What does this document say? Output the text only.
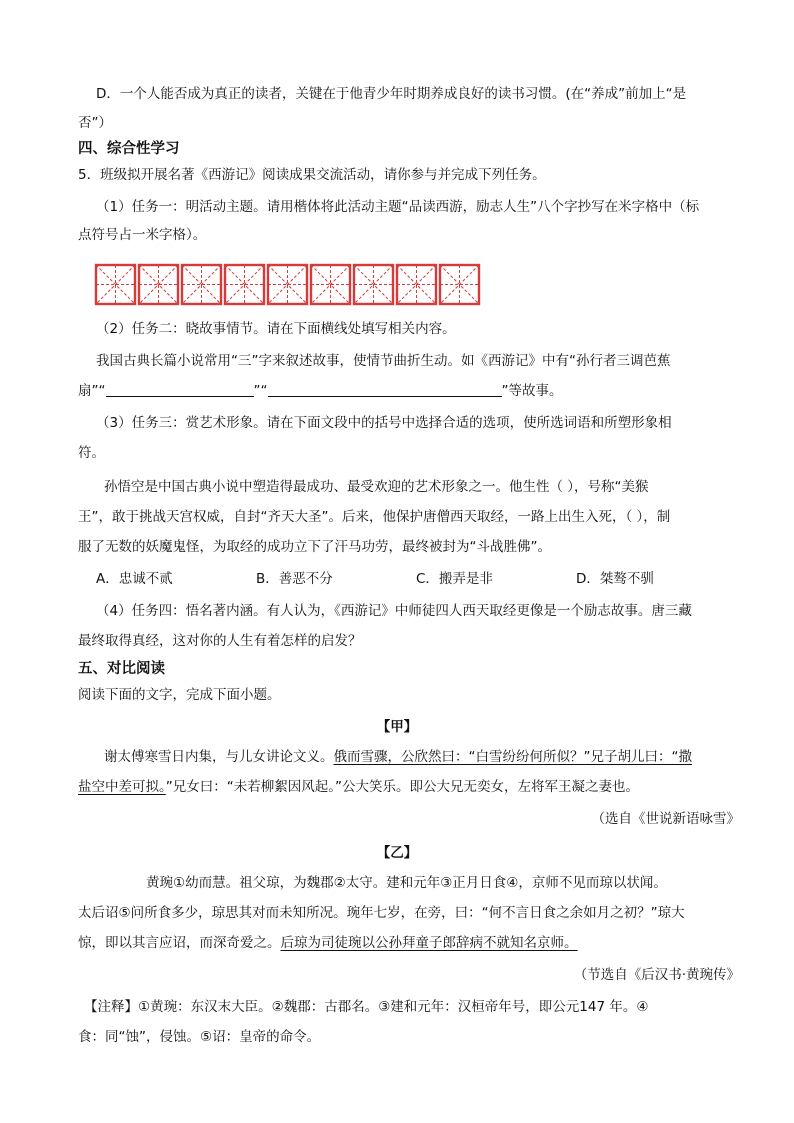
D．一个人能否成为真正的读者，关键在于他青少年时期养成良好的读书习惯。(在“养成”前加上“是
否”）
四、综合性学习
5．班级拟开展名著《西游记》阅读成果交流活动，请你参与并完成下列任务。
（1）任务一：明活动主题。请用楷体将此活动主题“品读西游，励志人生”八个字抄写在米字格中（标
点符号占一米字格）。
（2）任务二：晓故事情节。请在下面横线处填写相关内容。
我国古典长篇小说常用“三”字来叙述故事，使情节曲折生动。如《西游记》中有“孙行者三调芭蕉
扇”“	”“	”等故事。
（3）任务三：赏艺术形象。请在下面文段中的括号中选择合适的选项，使所选词语和所塑形象相
符。
孙悟空是中国古典小说中塑造得最成功、最受欢迎的艺术形象之一。他生性（ ），号称“美猴
王”，敢于挑战天宫权威，自封“齐天大圣”。后来，他保护唐僧西天取经，一路上出生入死，（ ），制
服了无数的妖魔鬼怪，为取经的成功立下了汗马功劳，最终被封为“斗战胜佛”。
A．忠诚不贰	B．善恶不分	C．搬弄是非	D．桀骜不驯
（4）任务四：悟名著内涵。有人认为，《西游记》中师徒四人西天取经更像是一个励志故事。唐三藏
最终取得真经，这对你的人生有着怎样的启发？
五、对比阅读
阅读下面的文字，完成下面小题。
【甲】
谢太傅寒雪日内集，与儿女讲论文义。俄而雪骤，公欣然曰：“白雪纷纷何所似？”兄子胡儿曰：“撒
盐空中差可拟。”兄女曰：“未若柳絮因风起。”公大笑乐。即公大兄无奕女，左将军王凝之妻也。
（选自《世说新语咏雪》
【乙】
黄琬①幼而慧。祖父琼，为魏郡②太守。建和元年③正月日食④，京师不见而琼以状闻。
太后诏⑤问所食多少，琼思其对而未知所况。琬年七岁，在旁，曰：“何不言日食之余如月之初？”琼大
惊，即以其言应诏，而深奇爱之。后琼为司徒琬以公孙拜童子郎辞病不就知名京师。
（节选自《后汉书·黄琬传》
【注释】①黄琬：东汉末大臣。②魏郡：古郡名。③建和元年：汉桓帝年号，即公元147 年。④
食：同“蚀”，侵蚀。⑤诏：皇帝的命令。
